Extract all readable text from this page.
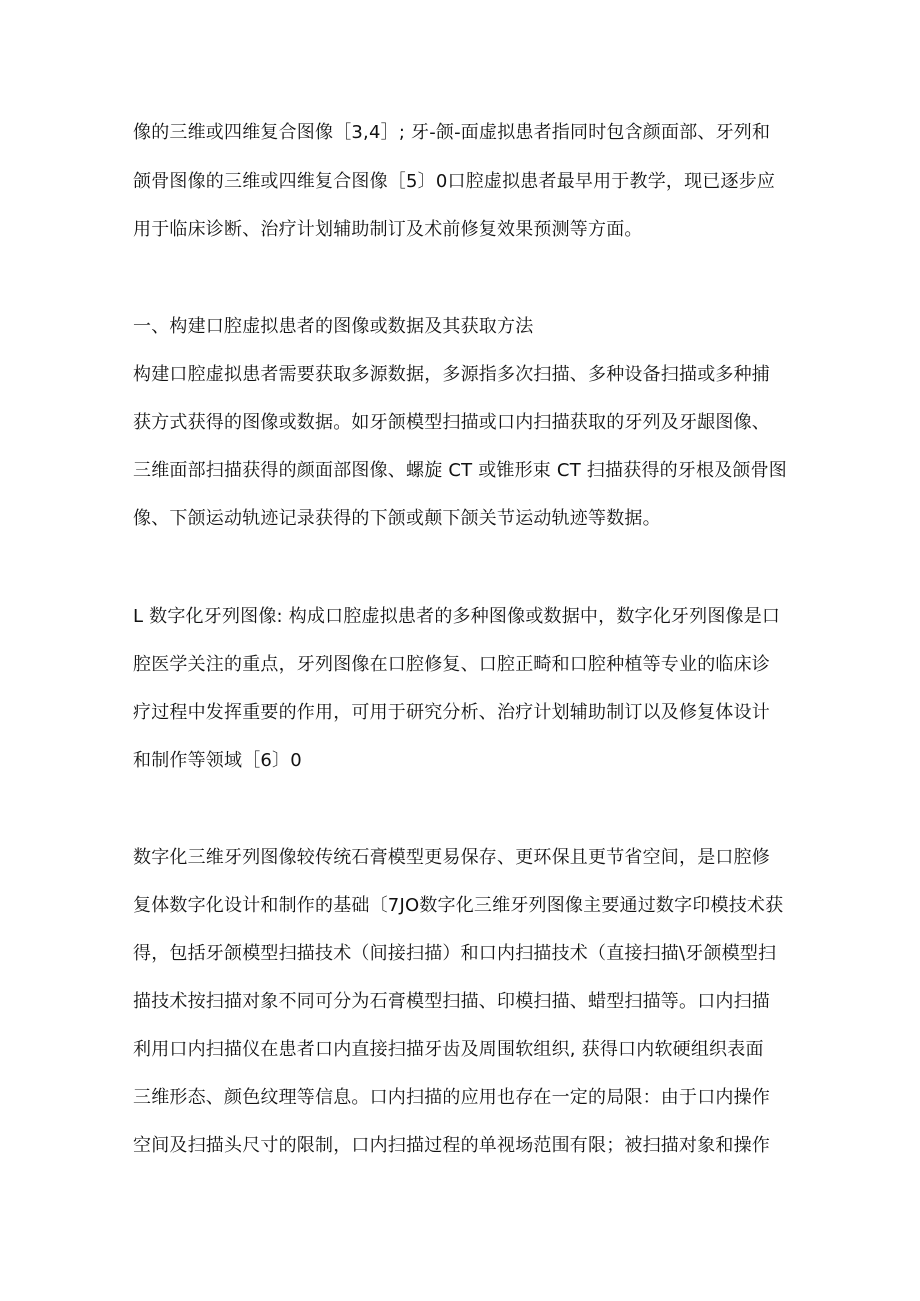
像的三维或四维复合图像［3,4］; 牙-颌-面虚拟患者指同时包含颜面部、牙列和
颌骨图像的三维或四维复合图像［5〕0口腔虚拟患者最早用于教学，现已逐步应
用于临床诊断、治疗计划辅助制订及术前修复效果预测等方面。
一、构建口腔虚拟患者的图像或数据及其获取方法
构建口腔虚拟患者需要获取多源数据，多源指多次扫描、多种设备扫描或多种捕
获方式获得的图像或数据。如牙颌模型扫描或口内扫描获取的牙列及牙龈图像、
三维面部扫描获得的颜面部图像、螺旋 CT 或锥形束 CT 扫描获得的牙根及颌骨图
像、下颌运动轨迹记录获得的下颌或颠下颌关节运动轨迹等数据。
L 数字化牙列图像: 构成口腔虚拟患者的多种图像或数据中，数字化牙列图像是口
腔医学关注的重点，牙列图像在口腔修复、口腔正畸和口腔种植等专业的临床诊
疗过程中发挥重要的作用，可用于研究分析、治疗计划辅助制订以及修复体设计
和制作等领域［6〕0
数字化三维牙列图像较传统石膏模型更易保存、更环保且更节省空间，是口腔修
复体数字化设计和制作的基础〔7JO数字化三维牙列图像主要通过数字印模技术获
得，包括牙颌模型扫描技术（间接扫描）和口内扫描技术（直接扫描\牙颌模型扫
描技术按扫描对象不同可分为石膏模型扫描、印模扫描、蜡型扫描等。口内扫描
利用口内扫描仪在患者口内直接扫描牙齿及周围软组织, 获得口内软硬组织表面
三维形态、颜色纹理等信息。口内扫描的应用也存在一定的局限：由于口内操作
空间及扫描头尺寸的限制，口内扫描过程的单视场范围有限；被扫描对象和操作
